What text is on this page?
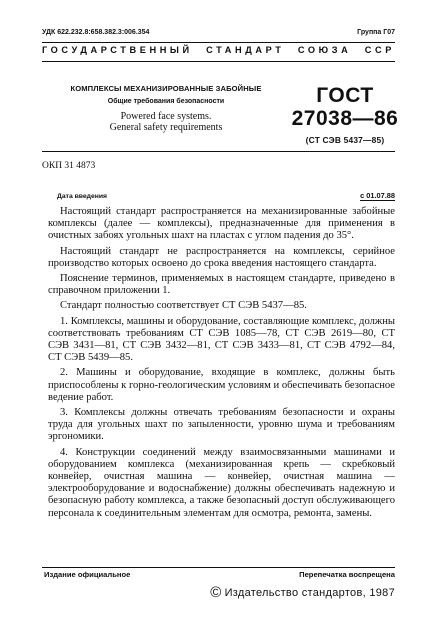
УДК 622.232.8:658.382.3:006.354	Группа Г07
ГОСУДАРСТВЕННЫЙ СТАНДАРТ СОЮЗА ССР
КОМПЛЕКСЫ МЕХАНИЗИРОВАННЫЕ ЗАБОЙНЫЕ
Общие требования безопасности
Powered face systems.
General safety requirements
ГОСТ
27038—86
(СТ СЭВ 5437—85)
ОКП 31 4873
Дата введения	с 01.07.88

Настоящий стандарт распространяется на механизированные забойные комплексы (далее — комплексы), предназначенные для применения в очистных забоях угольных шахт на пластах с углом падения до 35°.

Настоящий стандарт не распространяется на комплексы, серийное производство которых освоено до срока введения настоящего стандарта.

Пояснение терминов, применяемых в настоящем стандарте, приведено в справочном приложении 1.

Стандарт полностью соответствует СТ СЭВ 5437—85.

1. Комплексы, машины и оборудование, составляющие комплекс, должны соответствовать требованиям СТ СЭВ 1085—78, СТ СЭВ 2619—80, СТ СЭВ 3431—81, СТ СЭВ 3432—81, СТ СЭВ 3433—81, СТ СЭВ 4792—84, СТ СЭВ 5439—85.

2. Машины и оборудование, входящие в комплекс, должны быть приспособлены к горно-геологическим условиям и обеспечивать безопасное ведение работ.

3. Комплексы должны отвечать требованиям безопасности и охраны труда для угольных шахт по запыленности, уровню шума и требованиям эргономики.

4. Конструкции соединений между взаимосвязанными машинами и оборудованием комплекса (механизированная крепь — скребковый конвейер, очистная машина — конвейер, очистная машина — электрооборудование и водоснабжение) должны обеспечивать надежную и безопасную работу комплекса, а также безопасный доступ обслуживающего персонала к соединительным элементам для осмотра, ремонта, замены.

Издание официальное	Перепечатка воспрещена
© Издательство стандартов, 1987
